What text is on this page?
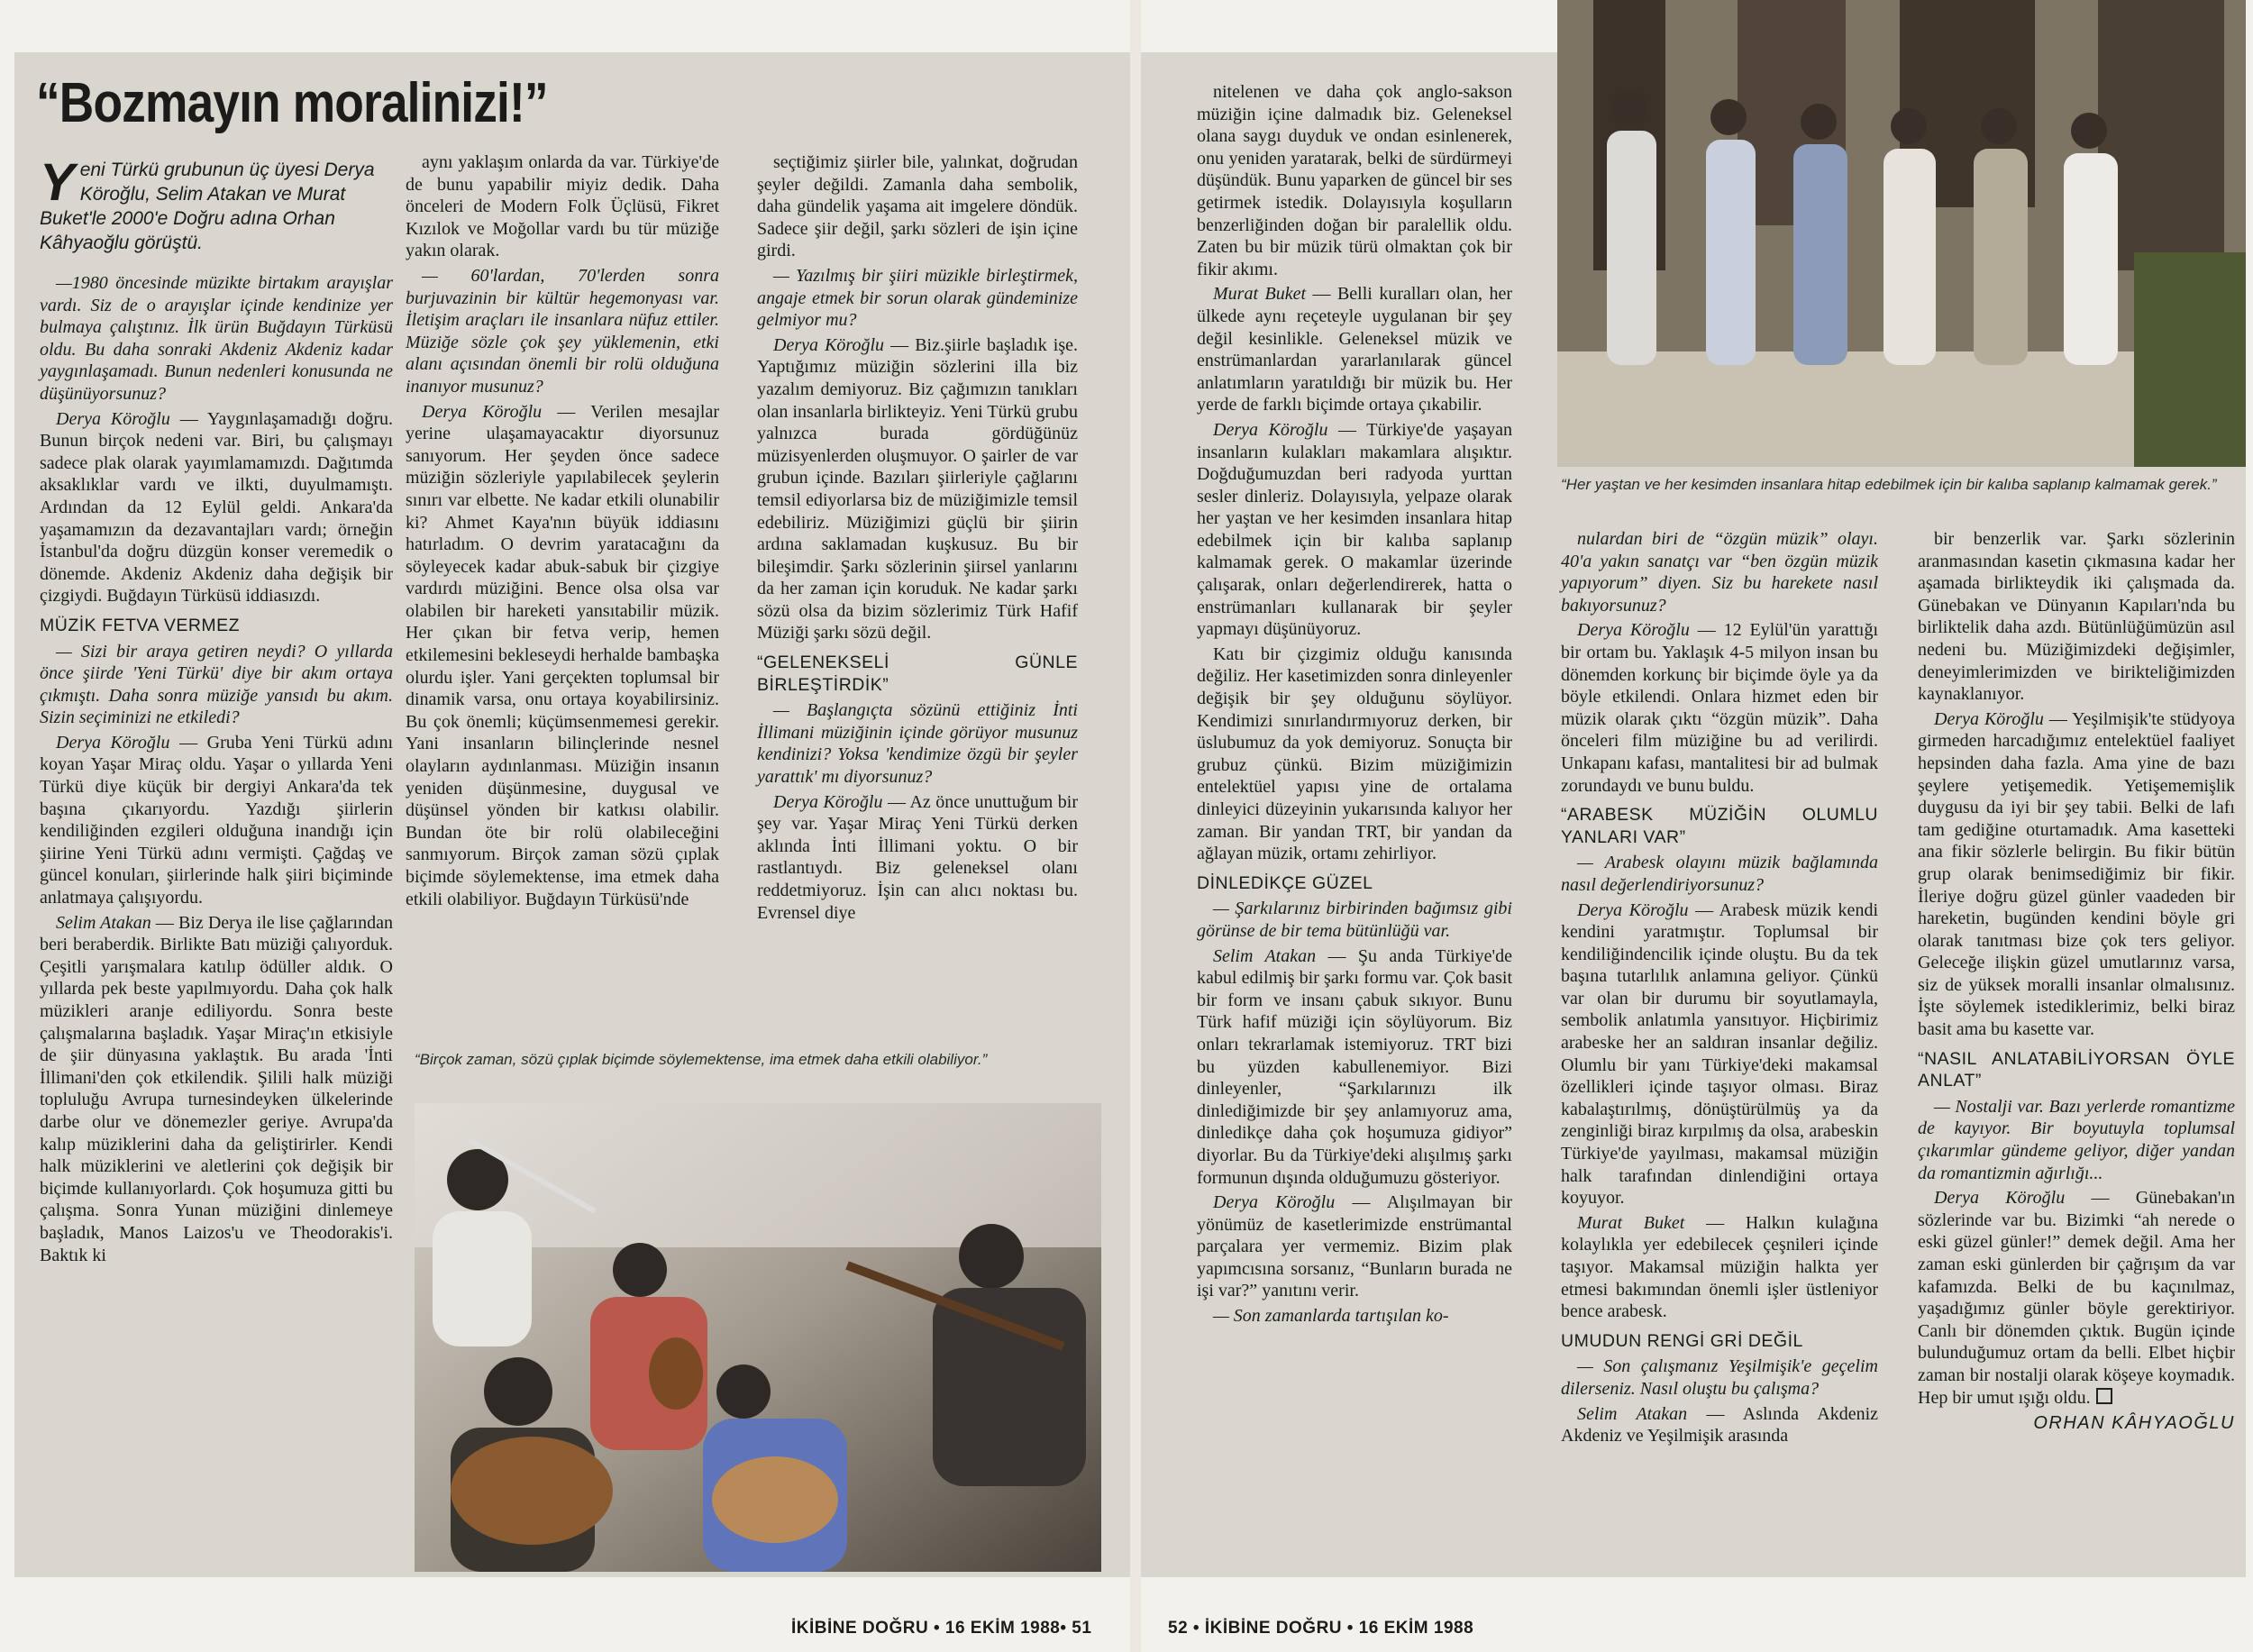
“Bozmayın moralinizi!”
Y eni Türkü grubunun üç üyesi Derya Köroğlu, Selim Atakan ve Murat Buket'le 2000'e Doğru adına Orhan Kâhyaoğlu görüştü.

—1980 öncesinde müzikte birtakım arayışlar vardı. Siz de o arayışlar içinde kendinize yer bulmaya çalıştınız. İlk ürün Buğdayın Türküsü oldu. Bu daha sonraki Akdeniz Akdeniz kadar yaygınlaşamadı. Bunun nedenleri konusunda ne düşünüyorsunuz?

Derya Köroğlu — Yaygınlaşamadığı doğru. Bunun birçok nedeni var. Biri, bu çalışmayı sadece plak olarak yayımlamamızdı. Dağıtımda aksaklıklar vardı ve ilkti, duyulmamıştı. Ardından da 12 Eylül geldi. Ankara'da yaşamamızın da dezavantajları vardı; örneğin İstanbul'da doğru düzgün konser veremedik o dönemde. Akdeniz Akdeniz daha değişik bir çizgiydi. Buğdayın Türküsü iddiasızdı.

MÜZİK FETVA VERMEZ

— Sizi bir araya getiren neydi? O yıllarda önce şiirde 'Yeni Türkü' diye bir akım ortaya çıkmıştı. Daha sonra müziğe yansıdı bu akım. Sizin seçiminizi ne etkiledi?

Derya Köroğlu — Gruba Yeni Türkü adını koyan Yaşar Miraç oldu. Yaşar o yıllarda Yeni Türkü diye küçük bir dergiyi Ankara'da tek başına çıkarıyordu. Yazdığı şiirlerin kendiliğinden ezgileri olduğuna inandığı için şiirine Yeni Türkü adını vermişti. Çağdaş ve güncel konuları, şiirlerinde halk şiiri biçiminde anlatmaya çalışıyordu.

Selim Atakan — Biz Derya ile lise çağlarından beri beraberdik. Birlikte Batı müziği çalıyorduk. Çeşitli yarışmalara katılıp ödüller aldık. O yıllarda pek beste yapılmıyordu. Daha çok halk müzikleri aranje ediliyordu. Sonra beste çalışmalarına başladık. Yaşar Miraç'ın etkisiyle de şiir dünyasına yaklaştık. Bu arada 'İnti İllimani'den çok etkilendik. Şilili halk müziği topluluğu Avrupa turnesindeyken ülkelerinde darbe olur ve dönemezler geriye. Avrupa'da kalıp müziklerini daha da geliştirirler. Kendi halk müziklerini ve aletlerini çok değişik bir biçimde kullanıyorlardı. Çok hoşumuza gitti bu çalışma. Sonra Yunan müziğini dinlemeye başladık, Manos Laizos'u ve Theodorakis'i. Baktık ki

aynı yaklaşım onlarda da var. Türkiye'de de bunu yapabilir miyiz dedik. Daha önceleri de Modern Folk Üçlüsü, Fikret Kızılok ve Moğollar vardı bu tür müziğe yakın olarak.

— 60'lardan, 70'lerden sonra burjuvazinin bir kültür hegemonyası var. İletişim araçları ile insanlara nüfuz ettiler. Müziğe sözle çok şey yüklemenin, etki alanı açısından önemli bir rolü olduğuna inanıyor musunuz?

Derya Köroğlu — Verilen mesajlar yerine ulaşamayacaktır diyorsunuz sanıyorum. Her şeyden önce sadece müziğin sözleriyle yapılabilecek şeylerin sınırı var elbette. Ne kadar etkili olunabilir ki? Ahmet Kaya'nın büyük iddiasını hatırladım. O devrim yaratacağını da söyleyecek kadar abuk-sabuk bir çizgiye vardırdı müziğini. Bence olsa olsa var olabilen bir hareketi yansıtabilir müzik. Her çıkan bir fetva verip, hemen etkilemesini bekleseydi herhalde bambaşka olurdu işler. Yani gerçekten toplumsal bir dinamik varsa, onu ortaya koyabilirsiniz. Bu çok önemli; küçümsenmemesi gerekir. Yani insanların bilinçlerinde nesnel olayların aydınlanması. Müziğin insanın yeniden düşünmesine, duygusal ve düşünsel yönden bir katkısı olabilir. Bundan öte bir rolü olabileceğini sanmıyorum. Birçok zaman sözü çıplak biçimde söylemektense, ima etmek daha etkili olabiliyor. Buğdayın Türküsü'nde

seçtiğimiz şiirler bile, yalınkat, doğrudan şeyler değildi. Zamanla daha sembolik, daha gündelik yaşama ait imgelere döndük. Sadece şiir değil, şarkı sözleri de işin içine girdi.

— Yazılmış bir şiiri müzikle birleştirmek, angaje etmek bir sorun olarak gündeminize gelmiyor mu?

Derya Köroğlu — Biz.şiirle başladık işe. Yaptığımız müziğin sözlerini illa biz yazalım demiyoruz. Biz çağımızın tanıkları olan insanlarla birlikteyiz. Yeni Türkü grubu yalnızca burada gördüğünüz müzisyenlerden oluşmuyor. O şairler de var grubun içinde. Bazıları şiirleriyle çağlarını temsil ediyorlarsa biz de müziğimizle temsil edebiliriz. Müziğimizi güçlü bir şiirin ardına saklamadan kuşkusuz. Bu bir bileşimdir. Şarkı sözlerinin şiirsel yanlarını da her zaman için koruduk. Ne kadar şarkı sözü olsa da bizim sözlerimiz Türk Hafif Müziği şarkı sözü değil.

“GELENEKSELİ GÜNLE BİRLEŞTİRDİK”

— Başlangıçta sözünü ettiğiniz İnti İllimani müziğinin içinde görüyor musunuz kendinizi? Yoksa 'kendimize özgü bir şeyler yarattık' mı diyorsunuz?

Derya Köroğlu — Az önce unuttuğum bir şey var. Yaşar Miraç Yeni Türkü derken aklında İnti İllimani yoktu. O bir rastlantıydı. Biz geleneksel olanı reddetmiyoruz. İşin can alıcı noktası bu. Evrensel diye

nitelenen ve daha çok anglo-sakson müziğin içine dalmadık biz. Geleneksel olana saygı duyduk ve ondan esinlenerek, onu yeniden yaratarak, belki de sürdürmeyi düşündük. Bunu yaparken de güncel bir ses getirmek istedik. Dolayısıyla koşulların benzerliğinden doğan bir paralellik oldu. Zaten bu bir müzik türü olmaktan çok bir fikir akımı.

Murat Buket — Belli kuralları olan, her ülkede aynı reçeteyle uygulanan bir şey değil kesinlikle. Geleneksel müzik ve enstrümanlardan yararlanılarak güncel anlatımların yaratıldığı bir müzik bu. Her yerde de farklı biçimde ortaya çıkabilir.

Derya Köroğlu — Türkiye'de yaşayan insanların kulakları makamlara alışıktır. Doğduğumuzdan beri radyoda yurttan sesler dinleriz. Dolayısıyla, yelpaze olarak her yaştan ve her kesimden insanlara hitap edebilmek için bir kalıba saplanıp kalmamak gerek. O makamlar üzerinde çalışarak, onları değerlendirerek, hatta o enstrümanları kullanarak bir şeyler yapmayı düşünüyoruz.

Katı bir çizgimiz olduğu kanısında değiliz. Her kasetimizden sonra dinleyenler değişik bir şey olduğunu söylüyor. Kendimizi sınırlandırmıyoruz derken, bir üslubumuz da yok demiyoruz. Sonuçta bir grubuz çünkü. Bizim müziğimizin entelektüel yapısı yine de ortalama dinleyici düzeyinin yukarısında kalıyor her zaman. Bir yandan TRT, bir yandan da ağlayan müzik, ortamı zehirliyor.

DİNLEDİKÇE GÜZEL

— Şarkılarınız birbirinden bağımsız gibi görünse de bir tema bütünlüğü var.

Selim Atakan — Şu anda Türkiye'de kabul edilmiş bir şarkı formu var. Çok basit bir form ve insanı çabuk sıkıyor. Bunu Türk hafif müziği için söylüyorum. Biz onları tekrarlamak istemiyoruz. TRT bizi bu yüzden kabullenemiyor. Bizi dinleyenler, “Şarkılarınızı ilk dinlediğimizde bir şey anlamıyoruz ama, dinledikçe daha çok hoşumuza gidiyor” diyorlar. Bu da Türkiye'deki alışılmış şarkı formunun dışında olduğumuzu gösteriyor.

Derya Köroğlu — Alışılmayan bir yönümüz de kasetlerimizde enstrümantal parçalara yer vermemiz. Bizim plak yapımcısına sorsanız, “Bunların burada ne işi var?” yanıtını verir.

— Son zamanlarda tartışılan ko-

nulardan biri de “özgün müzik” olayı. 40'a yakın sanatçı var “ben özgün müzik yapıyorum” diyen. Siz bu harekete nasıl bakıyorsunuz?

Derya Köroğlu — 12 Eylül'ün yarattığı bir ortam bu. Yaklaşık 4-5 milyon insan bu dönemden korkunç bir biçimde öyle ya da böyle etkilendi. Onlara hizmet eden bir müzik olarak çıktı “özgün müzik”. Daha önceleri film müziğine bu ad verilirdi. Unkapanı kafası, mantalitesi bir ad bulmak zorundaydı ve bunu buldu.

“ARABESK MÜZİĞİN OLUMLU YANLARI VAR”

— Arabesk olayını müzik bağlamında nasıl değerlendiriyorsunuz?

Derya Köroğlu — Arabesk müzik kendi kendini yaratmıştır. Toplumsal bir kendiliğindencilik içinde oluştu. Bu da tek başına tutarlılık anlamına geliyor. Çünkü var olan bir durumu bir soyutlamayla, sembolik anlatımla yansıtıyor. Hiçbirimiz arabeske her an saldıran insanlar değiliz. Olumlu bir yanı Türkiye'deki makamsal özellikleri içinde taşıyor olması. Biraz kabalaştırılmış, dönüştürülmüş ya da zenginliği biraz kırpılmış da olsa, arabeskin Türkiye'de yayılması, makamsal müziğin halk tarafından dinlendiğini ortaya koyuyor.

Murat Buket — Halkın kulağına kolaylıkla yer edebilecek çeşnileri içinde taşıyor. Makamsal müziğin halkta yer etmesi bakımından önemli işler üstleniyor bence arabesk.

UMUDUN RENGİ GRİ DEĞİL

— Son çalışmanız Yeşilmişik'e geçelim dilerseniz. Nasıl oluştu bu çalışma?

Selim Atakan — Aslında Akdeniz Akdeniz ve Yeşilmişik arasında

bir benzerlik var. Şarkı sözlerinin aranmasından kasetin çıkmasına kadar her aşamada birlikteydik iki çalışmada da. Günebakan ve Dünyanın Kapıları'nda bu birliktelik daha azdı. Bütünlüğümüzün asıl nedeni bu. Müziğimizdeki değişimler, deneyimlerimizden ve birikteliğimizden kaynaklanıyor.

Derya Köroğlu — Yeşilmişik'te stüdyoya girmeden harcadığımız entelektüel faaliyet hepsinden daha fazla. Ama yine de bazı şeylere yetişemedik. Yetişememişlik duygusu da iyi bir şey tabii. Belki de lafı tam gediğine oturtamadık. Ama kasetteki ana fikir sözlerle belirgin. Bu fikir bütün grup olarak benimsediğimiz bir fikir. İleriye doğru güzel günler vaadeden bir hareketin, bugünden kendini böyle gri olarak tanıtması bize çok ters geliyor. Geleceğe ilişkin güzel umutlarınız varsa, siz de yüksek moralli insanlar olmalısınız. İşte söylemek istediklerimiz, belki biraz basit ama bu kasette var.

“NASIL ANLATABİLİYORSAN ÖYLE ANLAT”

— Nostalji var. Bazı yerlerde romantizme de kayıyor. Bir boyutuyla toplumsal çıkarımlar gündeme geliyor, diğer yandan da romantizmin ağırlığı...

Derya Köroğlu — Günebakan'ın sözlerinde var bu. Bizimki “ah nerede o eski güzel günler!” demek değil. Ama her zaman eski günlerden bir çağrışım da var kafamızda. Belki de bu kaçınılmaz, yaşadığımız günler böyle gerektiriyor. Canlı bir dönemden çıktık. Bugün içinde bulunduğumuz ortam da belli. Elbet hiçbir zaman bir nostalji olarak köşeye koymadık. Hep bir umut ışığı oldu.

ORHAN KÂHYAOĞLU

“Birçok zaman, sözü çıplak biçimde söylemektense, ima etmek daha etkili olabiliyor.”
“Her yaştan ve her kesimden insanlara hitap edebilmek için bir kalıba saplanıp kalmamak gerek.”
İKİBİNE DOĞRU • 16 EKİM 1988• 51	52 • İKİBİNE DOĞRU • 16 EKİM 1988
